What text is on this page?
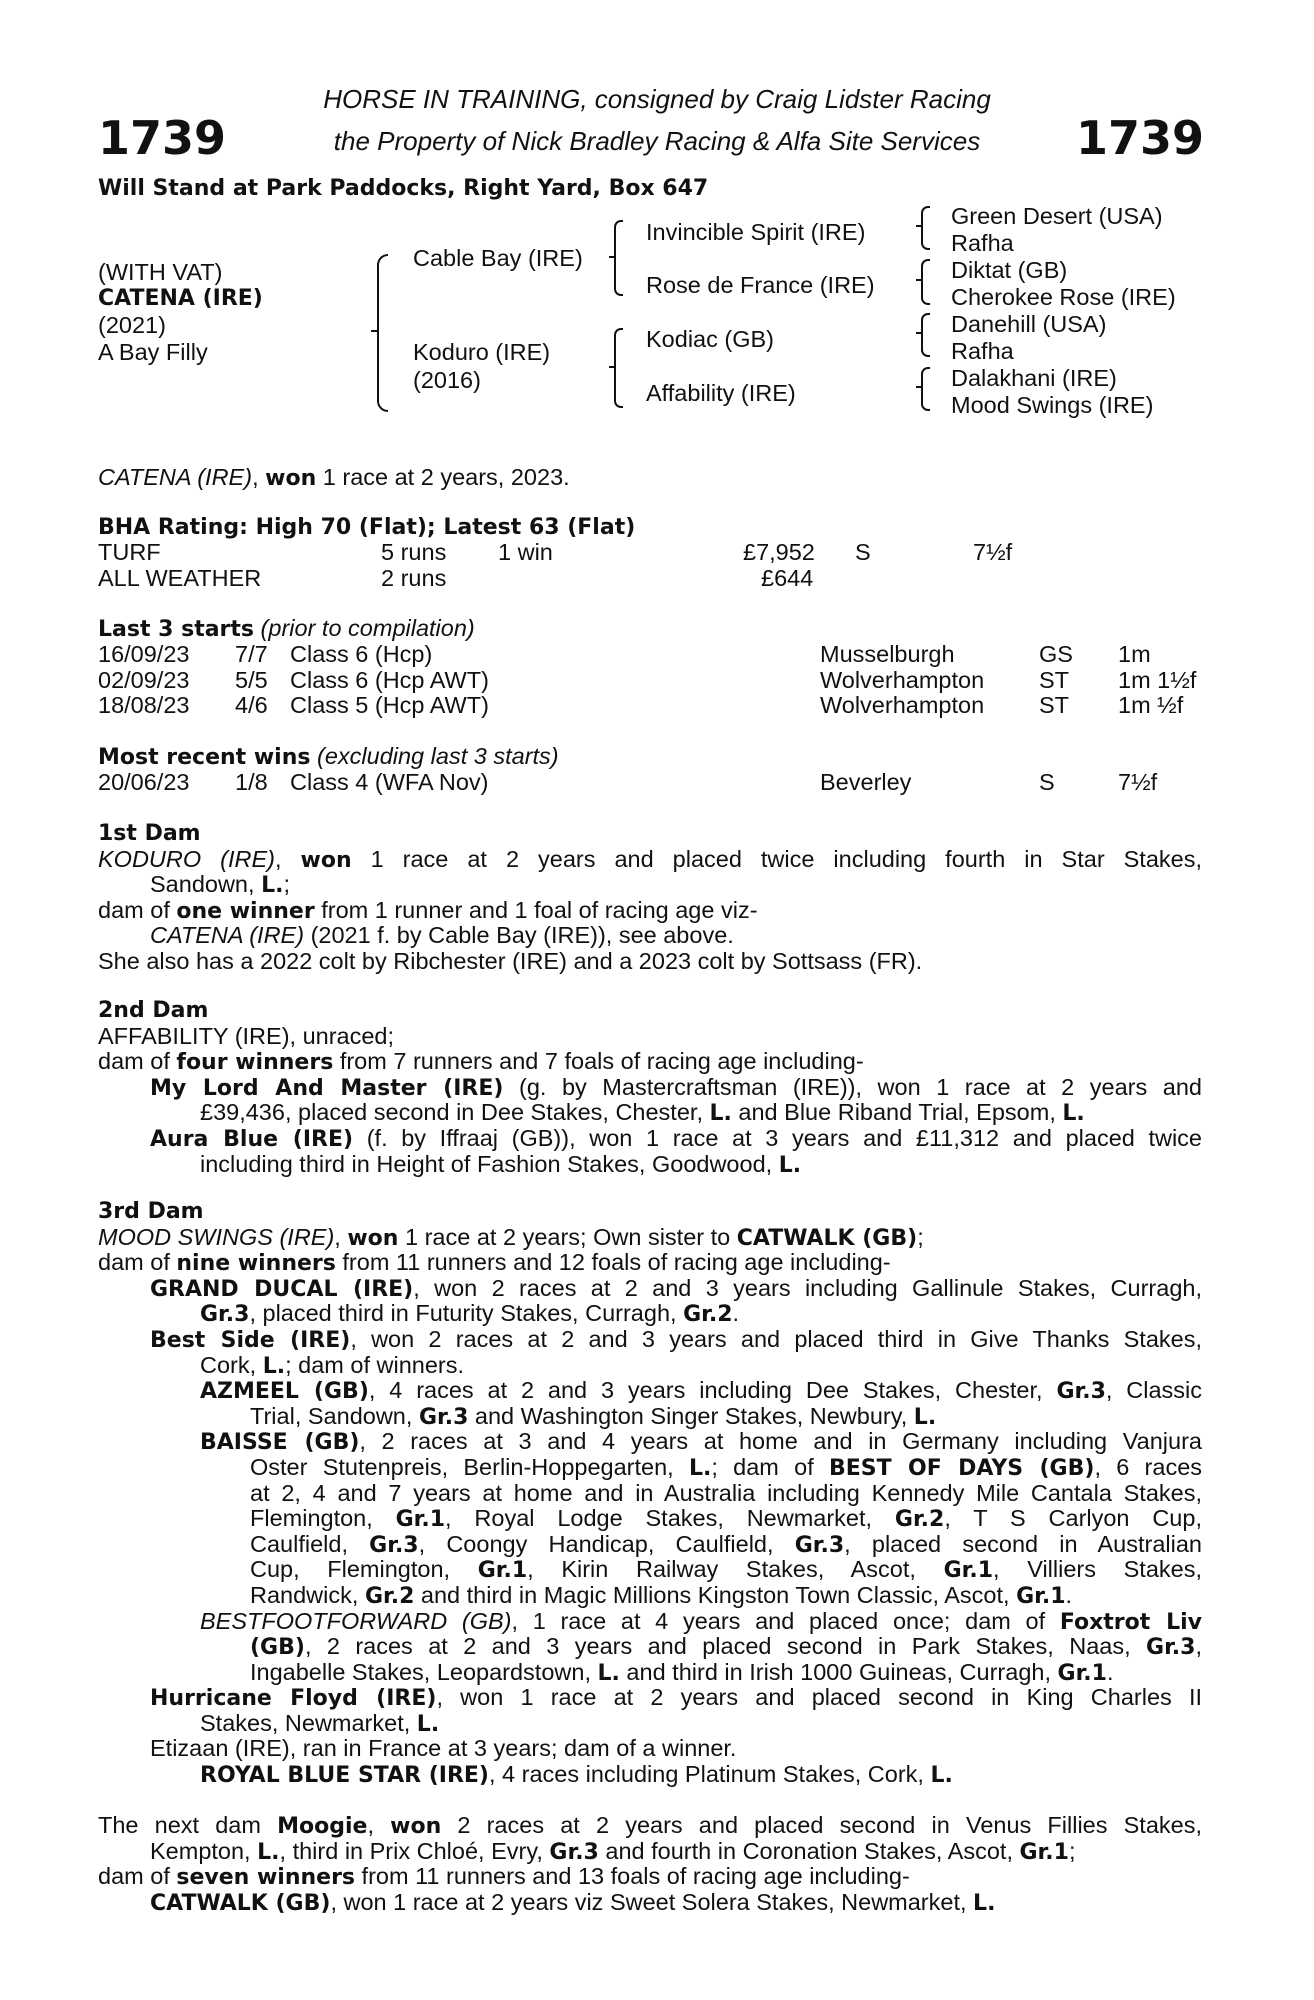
1739	1739
HORSE IN TRAINING, consigned by Craig Lidster Racing
the Property of Nick Bradley Racing & Alfa Site Services
Will Stand at Park Paddocks, Right Yard, Box 647
(WITH VAT)
CATENA (IRE)
(2021)
A Bay Filly
Cable Bay (IRE)
Koduro (IRE)
(2016)
Invincible Spirit (IRE)
Rose de France (IRE)
Kodiac (GB)
Affability (IRE)
Green Desert (USA)
Rafha
Diktat (GB)
Cherokee Rose (IRE)
Danehill (USA)
Rafha
Dalakhani (IRE)
Mood Swings (IRE)
CATENA (IRE), won 1 race at 2 years, 2023.
BHA Rating: High 70 (Flat); Latest 63 (Flat)
TURF	5 runs 1 win	£7,952 S	7½f
ALL WEATHER	2 runs	£644
Last 3 starts (prior to compilation)
16/09/23 7/7 Class 6 (Hcp)	Musselburgh	GS 1m
02/09/23 5/5 Class 6 (Hcp AWT)	Wolverhampton ST 1m 1½f
18/08/23 4/6 Class 5 (Hcp AWT)	Wolverhampton ST 1m ½f
Most recent wins (excluding last 3 starts)
20/06/23 1/8 Class 4 (WFA Nov)	Beverley	S	7½f
1st Dam
KODURO (IRE), won 1 race at 2 years and placed twice including fourth in Star Stakes,
Sandown, L.;
dam of one winner from 1 runner and 1 foal of racing age viz-
CATENA (IRE) (2021 f. by Cable Bay (IRE)), see above.
She also has a 2022 colt by Ribchester (IRE) and a 2023 colt by Sottsass (FR).
2nd Dam
AFFABILITY (IRE), unraced;
dam of four winners from 7 runners and 7 foals of racing age including-
My Lord And Master (IRE) (g. by Mastercraftsman (IRE)), won 1 race at 2 years and
£39,436, placed second in Dee Stakes, Chester, L. and Blue Riband Trial, Epsom, L.
Aura Blue (IRE) (f. by Iffraaj (GB)), won 1 race at 3 years and £11,312 and placed twice
including third in Height of Fashion Stakes, Goodwood, L.
3rd Dam
MOOD SWINGS (IRE), won 1 race at 2 years; Own sister to CATWALK (GB);
dam of nine winners from 11 runners and 12 foals of racing age including-
GRAND DUCAL (IRE), won 2 races at 2 and 3 years including Gallinule Stakes, Curragh,
Gr.3, placed third in Futurity Stakes, Curragh, Gr.2.
Best Side (IRE), won 2 races at 2 and 3 years and placed third in Give Thanks Stakes,
Cork, L.; dam of winners.
AZMEEL (GB), 4 races at 2 and 3 years including Dee Stakes, Chester, Gr.3, Classic
Trial, Sandown, Gr.3 and Washington Singer Stakes, Newbury, L.
BAISSE (GB), 2 races at 3 and 4 years at home and in Germany including Vanjura
Oster Stutenpreis, Berlin-Hoppegarten, L.; dam of BEST OF DAYS (GB), 6 races
at 2, 4 and 7 years at home and in Australia including Kennedy Mile Cantala Stakes,
Flemington, Gr.1, Royal Lodge Stakes, Newmarket, Gr.2, T S Carlyon Cup,
Caulfield, Gr.3, Coongy Handicap, Caulfield, Gr.3, placed second in Australian
Cup, Flemington, Gr.1, Kirin Railway Stakes, Ascot, Gr.1, Villiers Stakes,
Randwick, Gr.2 and third in Magic Millions Kingston Town Classic, Ascot, Gr.1.
BESTFOOTFORWARD (GB), 1 race at 4 years and placed once; dam of Foxtrot Liv
(GB), 2 races at 2 and 3 years and placed second in Park Stakes, Naas, Gr.3,
Ingabelle Stakes, Leopardstown, L. and third in Irish 1000 Guineas, Curragh, Gr.1.
Hurricane Floyd (IRE), won 1 race at 2 years and placed second in King Charles II
Stakes, Newmarket, L.
Etizaan (IRE), ran in France at 3 years; dam of a winner.
ROYAL BLUE STAR (IRE), 4 races including Platinum Stakes, Cork, L.
The next dam Moogie, won 2 races at 2 years and placed second in Venus Fillies Stakes,
Kempton, L., third in Prix Chloé, Evry, Gr.3 and fourth in Coronation Stakes, Ascot, Gr.1;
dam of seven winners from 11 runners and 13 foals of racing age including-
CATWALK (GB), won 1 race at 2 years viz Sweet Solera Stakes, Newmarket, L.
